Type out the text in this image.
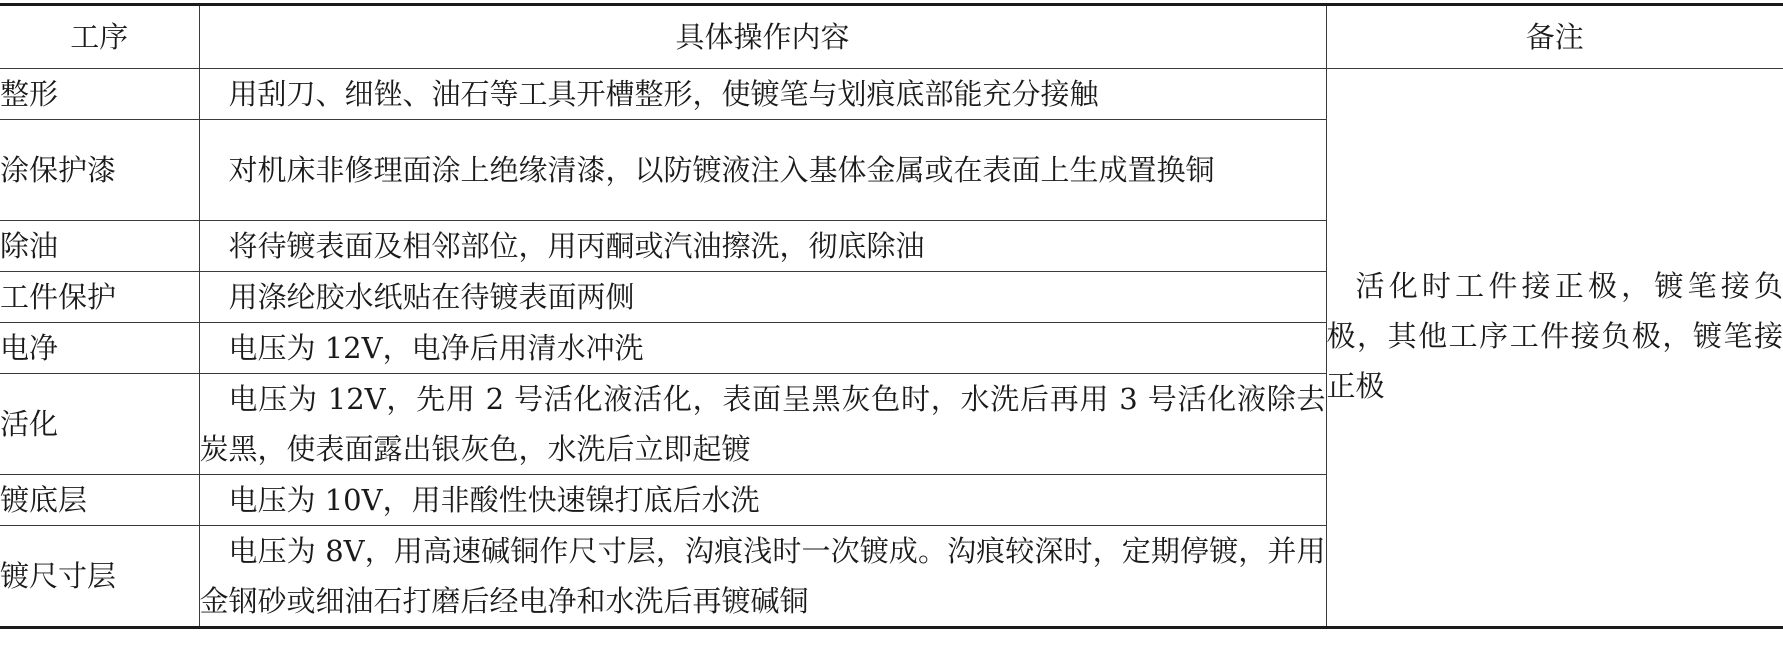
工序	具体操作内容	备注
整形	用刮刀、细锉、油石等工具开槽整形，使镀笔与划痕底部能充分接触	活化时工件接正极，镀笔接负极，其他工序工件接负极，镀笔接正极

涂保护漆	对机床非修理面涂上绝缘清漆，以防镀液注入基体金属或在表面上生成置换铜	

除油	将待镀表面及相邻部位，用丙酮或汽油擦洗，彻底除油	

工件保护	用涤纶胶水纸贴在待镀表面两侧	

电净	电压为 12V，电净后用清水冲洗	

活化	电压为 12V，先用 2 号活化液活化，表面呈黑灰色时，水洗后再用 3 号活化液除去炭黑，使表面露出银灰色，水洗后立即起镀	

镀底层	电压为 10V，用非酸性快速镍打底后水洗	

镀尺寸层	电压为 8V，用高速碱铜作尺寸层，沟痕浅时一次镀成。沟痕较深时，定期停镀，并用金钢砂或细油石打磨后经电净和水洗后再镀碱铜	
